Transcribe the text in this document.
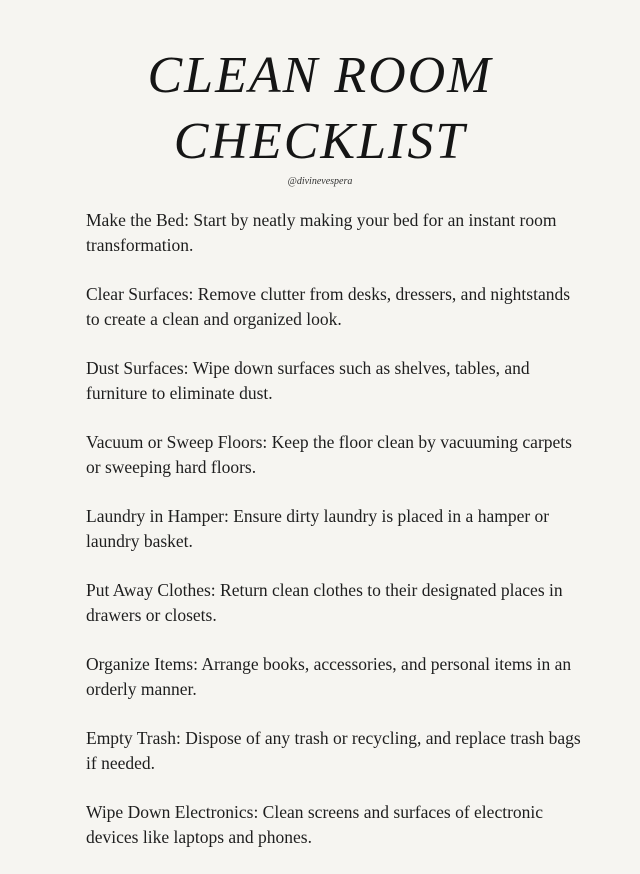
CLEAN ROOM
CHECKLIST
@divinevespera
Make the Bed: Start by neatly making your bed for an instant room transformation.
Clear Surfaces: Remove clutter from desks, dressers, and nightstands to create a clean and organized look.
Dust Surfaces: Wipe down surfaces such as shelves, tables, and furniture to eliminate dust.
Vacuum or Sweep Floors: Keep the floor clean by vacuuming carpets or sweeping hard floors.
Laundry in Hamper: Ensure dirty laundry is placed in a hamper or laundry basket.
Put Away Clothes: Return clean clothes to their designated places in drawers or closets.
Organize Items: Arrange books, accessories, and personal items in an orderly manner.
Empty Trash: Dispose of any trash or recycling, and replace trash bags if needed.
Wipe Down Electronics: Clean screens and surfaces of electronic devices like laptops and phones.
